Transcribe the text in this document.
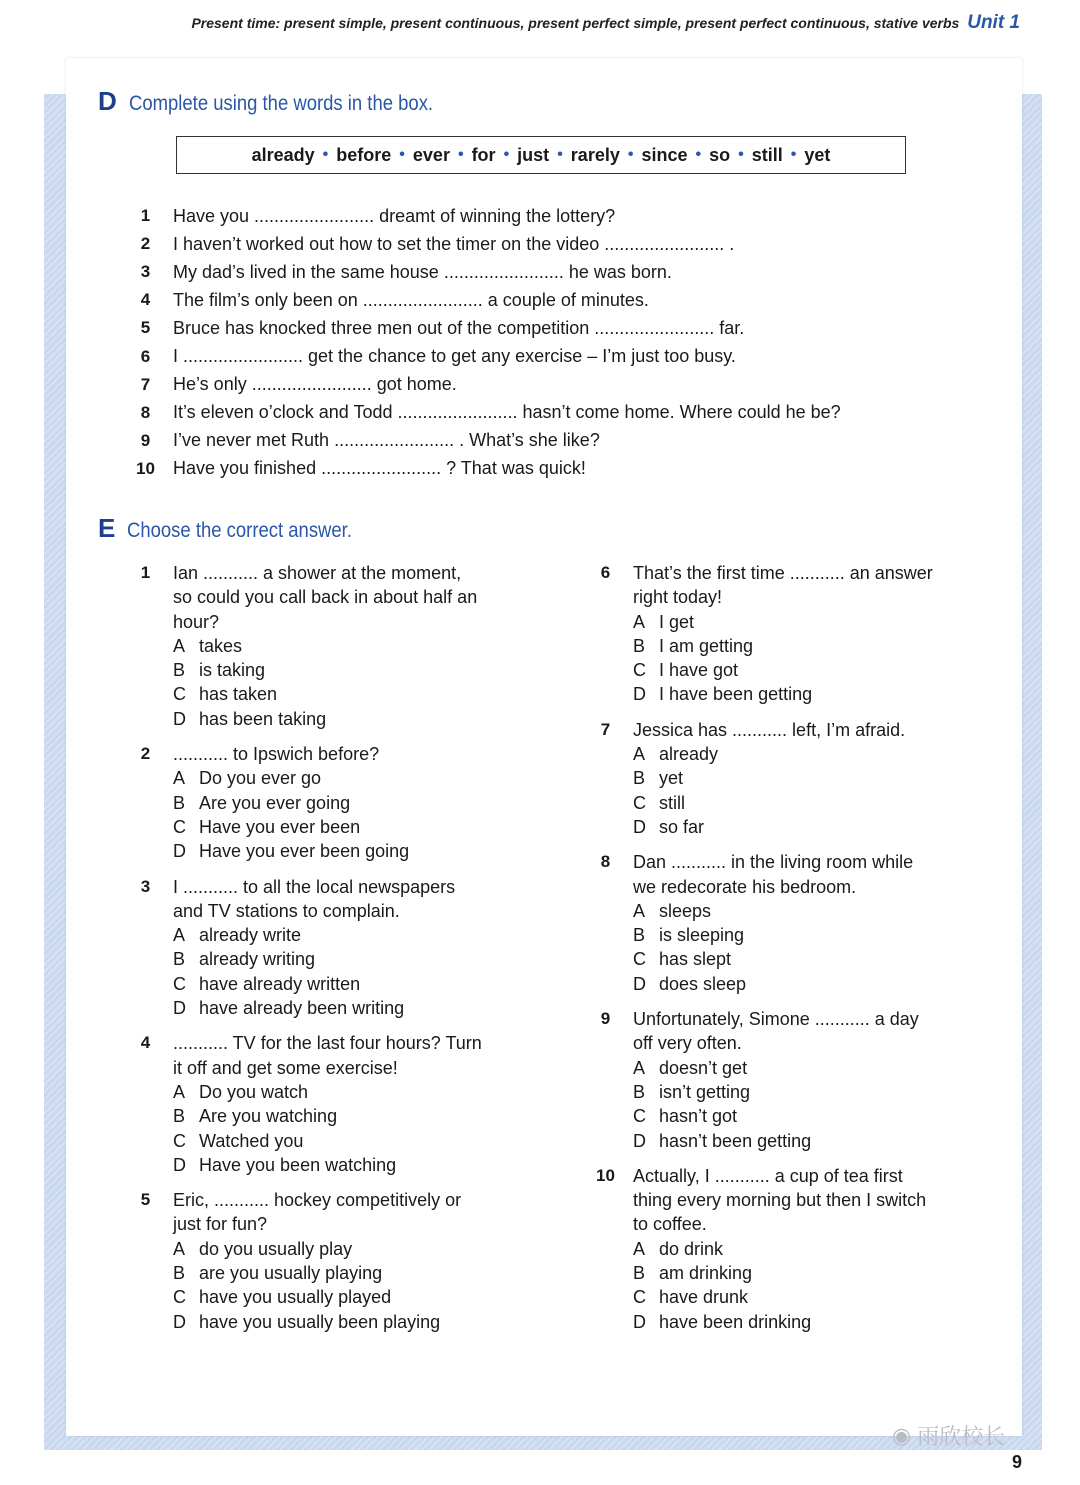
Present time: present simple, present continuous, present perfect simple, present perfect continuous, stative verbs Unit 1
D Complete using the words in the box.
already • before • ever • for • just • rarely • since • so • still • yet
1	Have you ........................ dreamt of winning the lottery?
2	I haven’t worked out how to set the timer on the video ........................ .
3	My dad’s lived in the same house ........................ he was born.
4	The film’s only been on ........................ a couple of minutes.
5	Bruce has knocked three men out of the competition ........................ far.
6	I ........................ get the chance to get any exercise – I’m just too busy.
7	He’s only ........................ got home.
8	It’s eleven o’clock and Todd ........................ hasn’t come home. Where could he be?
9	I’ve never met Ruth ........................ . What’s she like?
10	Have you finished ........................ ? That was quick!
E Choose the correct answer.
1	Ian ........... a shower at the moment,
so could you call back in about half an
hour?
A takes
B is taking
C has taken
D has been taking
2	........... to Ipswich before?
A Do you ever go
B Are you ever going
C Have you ever been
D Have you ever been going
3	I ........... to all the local newspapers
and TV stations to complain.
A already write
B already writing
C have already written
D have already been writing
4	........... TV for the last four hours? Turn
it off and get some exercise!
A Do you watch
B Are you watching
C Watched you
D Have you been watching
5	Eric, ........... hockey competitively or
just for fun?
A do you usually play
B are you usually playing
C have you usually played
D have you usually been playing
6	That’s the first time ........... an answer
right today!
A I get
B I am getting
C I have got
D I have been getting
7	Jessica has ........... left, I’m afraid.
A already
B yet
C still
D so far
8	Dan ........... in the living room while
we redecorate his bedroom.
A sleeps
B is sleeping
C has slept
D does sleep
9	Unfortunately, Simone ........... a day
off very often.
A doesn’t get
B isn’t getting
C hasn’t got
D hasn’t been getting
10	Actually, I ........... a cup of tea first
thing every morning but then I switch
to coffee.
A do drink
B am drinking
C have drunk
D have been drinking
◉ 雨欣校长
9
